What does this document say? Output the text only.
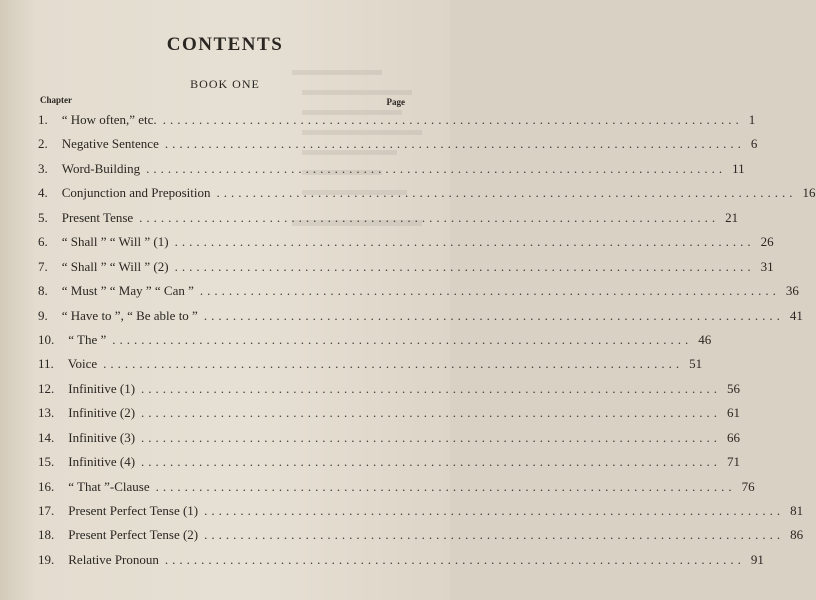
CONTENTS
BOOK ONE
Chapter	Page
1. “ How often,” etc. ................................................................................ 1
2. Negative Sentence ................................................................................ 6
3. Word-Building ................................................................................ 11
4. Conjunction and Preposition ................................................................................ 16
5. Present Tense ................................................................................ 21
6. “ Shall ” “ Will ” (1) ................................................................................ 26
7. “ Shall ” “ Will ” (2) ................................................................................ 31
8. “ Must ” “ May ” “ Can ” ................................................................................ 36
9. “ Have to ”, “ Be able to ” ................................................................................ 41
10. “ The ” ................................................................................ 46
11. Voice ................................................................................ 51
12. Infinitive (1) ................................................................................ 56
13. Infinitive (2) ................................................................................ 61
14. Infinitive (3) ................................................................................ 66
15. Infinitive (4) ................................................................................ 71
16. “ That ”-Clause ................................................................................ 76
17. Present Perfect Tense (1) ................................................................................ 81
18. Present Perfect Tense (2) ................................................................................ 86
19. Relative Pronoun ................................................................................ 91
